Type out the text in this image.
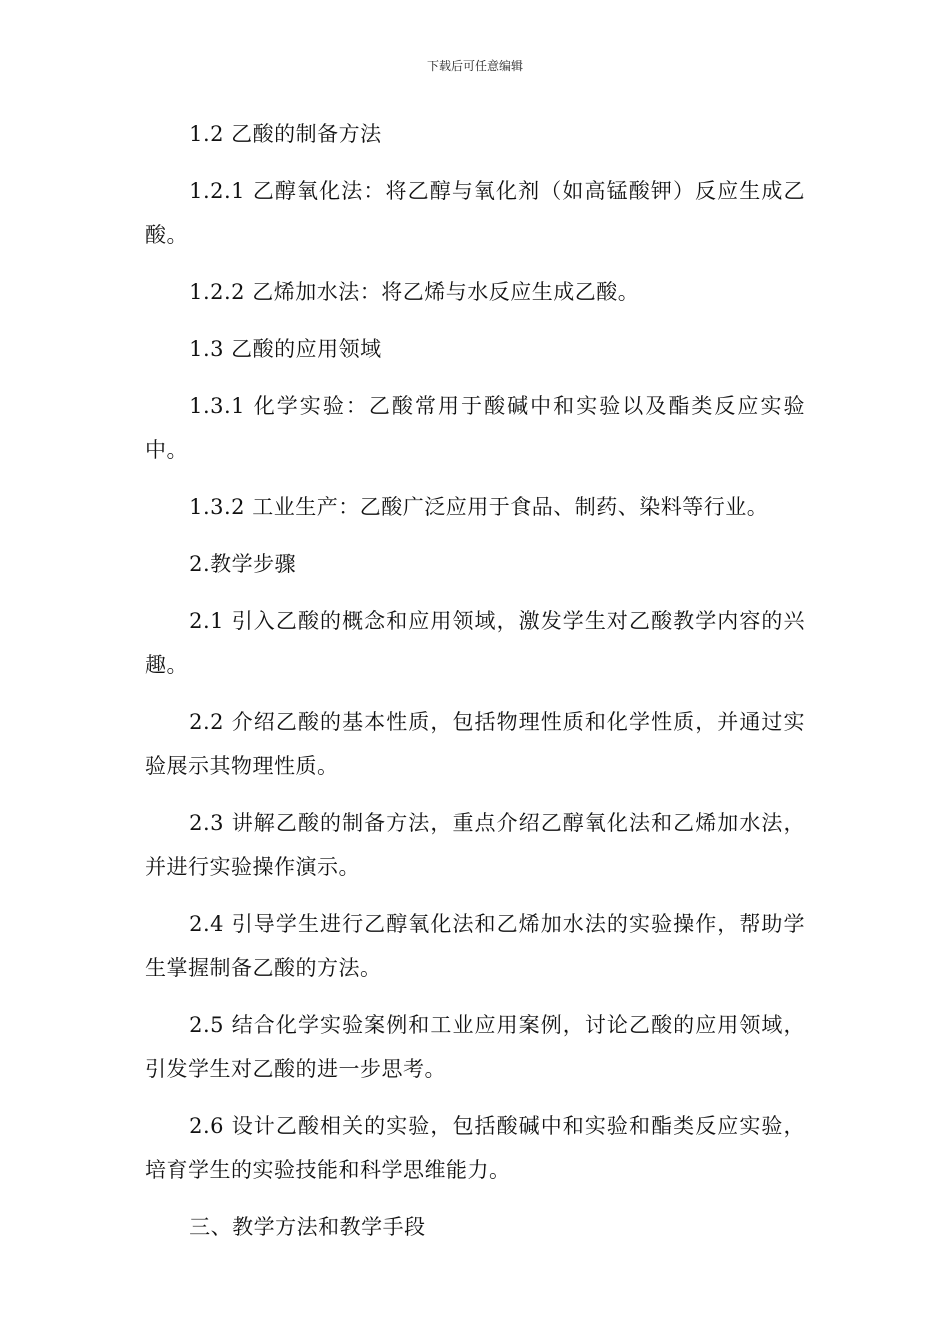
下载后可任意编辑

1.2 乙酸的制备方法

1.2.1 乙醇氧化法：将乙醇与氧化剂（如高锰酸钾）反应生成乙酸。

1.2.2 乙烯加水法：将乙烯与水反应生成乙酸。

1.3 乙酸的应用领域

1.3.1 化学实验：乙酸常用于酸碱中和实验以及酯类反应实验中。

1.3.2 工业生产：乙酸广泛应用于食品、制药、染料等行业。

2.教学步骤

2.1 引入乙酸的概念和应用领域，激发学生对乙酸教学内容的兴趣。

2.2 介绍乙酸的基本性质，包括物理性质和化学性质，并通过实验展示其物理性质。

2.3 讲解乙酸的制备方法，重点介绍乙醇氧化法和乙烯加水法，并进行实验操作演示。

2.4 引导学生进行乙醇氧化法和乙烯加水法的实验操作，帮助学生掌握制备乙酸的方法。

2.5 结合化学实验案例和工业应用案例，讨论乙酸的应用领域，引发学生对乙酸的进一步思考。

2.6 设计乙酸相关的实验，包括酸碱中和实验和酯类反应实验，培育学生的实验技能和科学思维能力。

三、教学方法和教学手段
